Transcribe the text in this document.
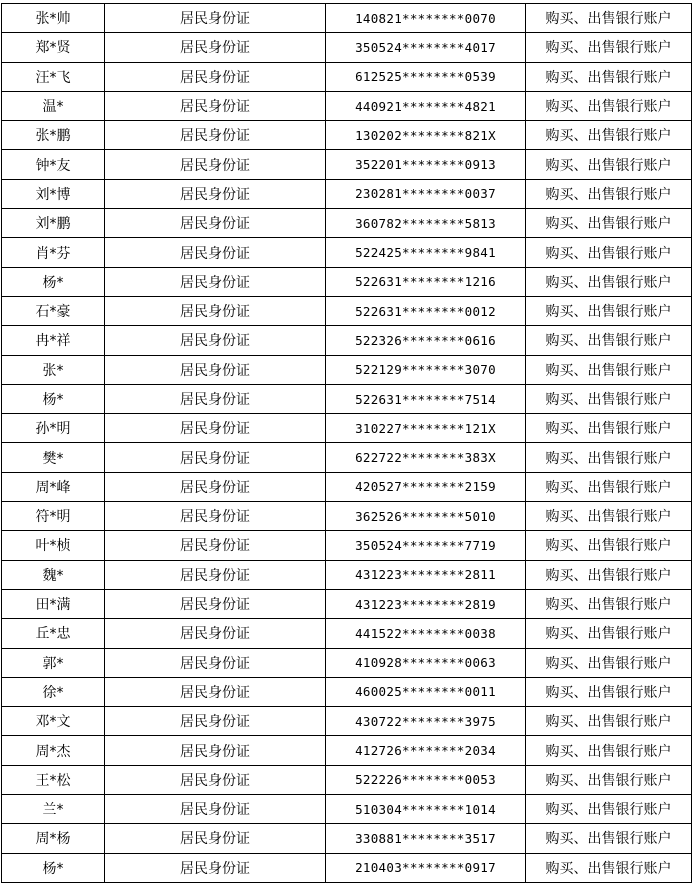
张*帅	居民身份证	140821********0070	购买、出售银行账户
郑*贤	居民身份证	350524********4017	购买、出售银行账户
汪*飞	居民身份证	612525********0539	购买、出售银行账户
温*	居民身份证	440921********4821	购买、出售银行账户
张*鹏	居民身份证	130202********821X	购买、出售银行账户
钟*友	居民身份证	352201********0913	购买、出售银行账户
刘*博	居民身份证	230281********0037	购买、出售银行账户
刘*鹏	居民身份证	360782********5813	购买、出售银行账户
肖*芬	居民身份证	522425********9841	购买、出售银行账户
杨*	居民身份证	522631********1216	购买、出售银行账户
石*豪	居民身份证	522631********0012	购买、出售银行账户
冉*祥	居民身份证	522326********0616	购买、出售银行账户
张*	居民身份证	522129********3070	购买、出售银行账户
杨*	居民身份证	522631********7514	购买、出售银行账户
孙*明	居民身份证	310227********121X	购买、出售银行账户
樊*	居民身份证	622722********383X	购买、出售银行账户
周*峰	居民身份证	420527********2159	购买、出售银行账户
符*明	居民身份证	362526********5010	购买、出售银行账户
叶*桢	居民身份证	350524********7719	购买、出售银行账户
魏*	居民身份证	431223********2811	购买、出售银行账户
田*满	居民身份证	431223********2819	购买、出售银行账户
丘*忠	居民身份证	441522********0038	购买、出售银行账户
郭*	居民身份证	410928********0063	购买、出售银行账户
徐*	居民身份证	460025********0011	购买、出售银行账户
邓*文	居民身份证	430722********3975	购买、出售银行账户
周*杰	居民身份证	412726********2034	购买、出售银行账户
王*松	居民身份证	522226********0053	购买、出售银行账户
兰*	居民身份证	510304********1014	购买、出售银行账户
周*杨	居民身份证	330881********3517	购买、出售银行账户
杨*	居民身份证	210403********0917	购买、出售银行账户
